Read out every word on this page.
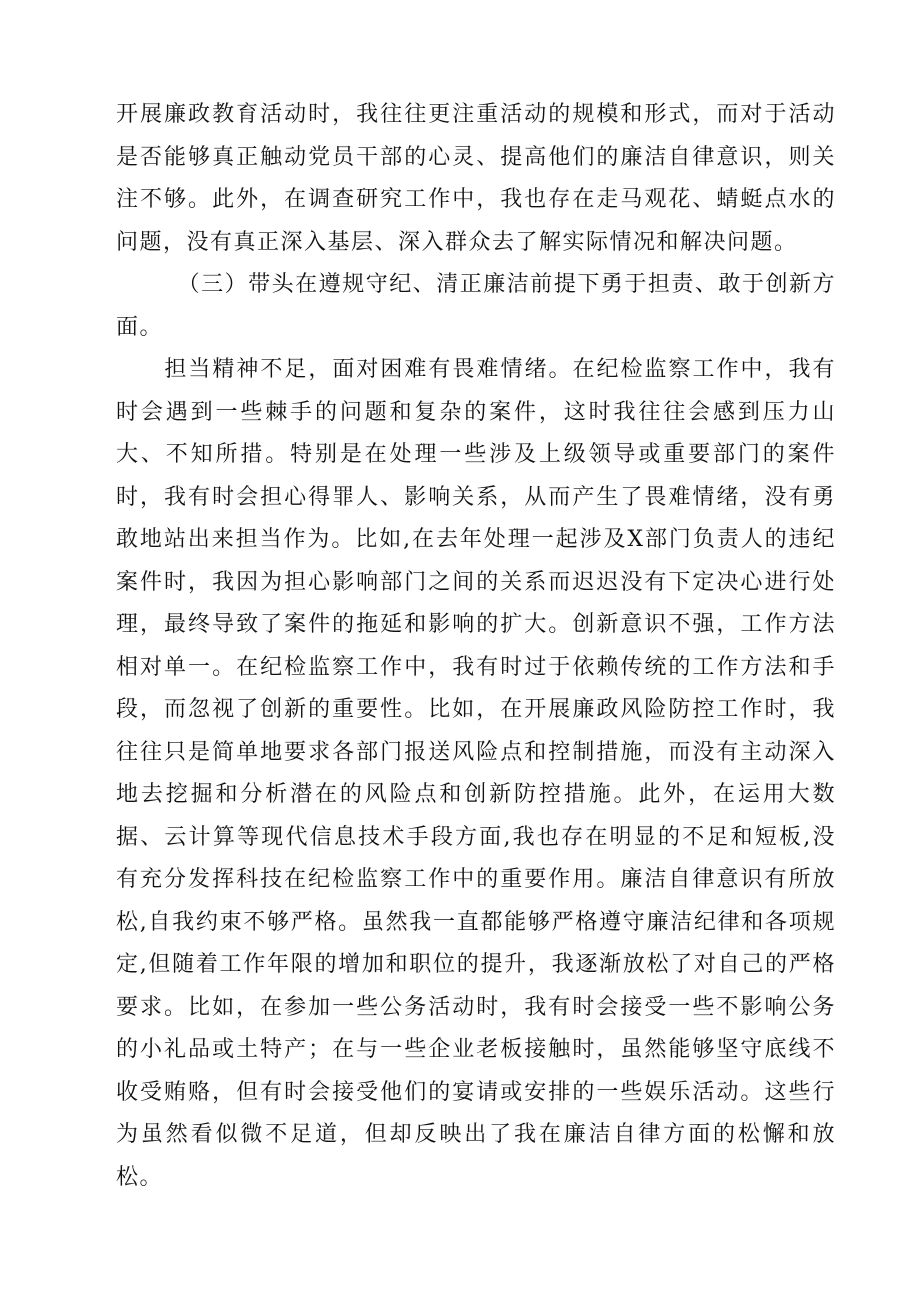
开展廉政教育活动时，我往往更注重活动的规模和形式，而对于活动是否能够真正触动党员干部的心灵、提高他们的廉洁自律意识，则关注不够。此外，在调查研究工作中，我也存在走马观花、蜻蜓点水的问题，没有真正深入基层、深入群众去了解实际情况和解决问题。

（三）带头在遵规守纪、清正廉洁前提下勇于担责、敢于创新方面。

担当精神不足，面对困难有畏难情绪。在纪检监察工作中，我有时会遇到一些棘手的问题和复杂的案件，这时我往往会感到压力山大、不知所措。特别是在处理一些涉及上级领导或重要部门的案件时，我有时会担心得罪人、影响关系，从而产生了畏难情绪，没有勇敢地站出来担当作为。比如,在去年处理一起涉及X部门负责人的违纪案件时，我因为担心影响部门之间的关系而迟迟没有下定决心进行处理，最终导致了案件的拖延和影响的扩大。创新意识不强，工作方法相对单一。在纪检监察工作中，我有时过于依赖传统的工作方法和手段，而忽视了创新的重要性。比如，在开展廉政风险防控工作时，我往往只是简单地要求各部门报送风险点和控制措施，而没有主动深入地去挖掘和分析潜在的风险点和创新防控措施。此外，在运用大数据、云计算等现代信息技术手段方面,我也存在明显的不足和短板,没有充分发挥科技在纪检监察工作中的重要作用。廉洁自律意识有所放松,自我约束不够严格。虽然我一直都能够严格遵守廉洁纪律和各项规定,但随着工作年限的增加和职位的提升，我逐渐放松了对自己的严格要求。比如，在参加一些公务活动时，我有时会接受一些不影响公务的小礼品或土特产；在与一些企业老板接触时，虽然能够坚守底线不收受贿赂，但有时会接受他们的宴请或安排的一些娱乐活动。这些行为虽然看似微不足道，但却反映出了我在廉洁自律方面的松懈和放松。
